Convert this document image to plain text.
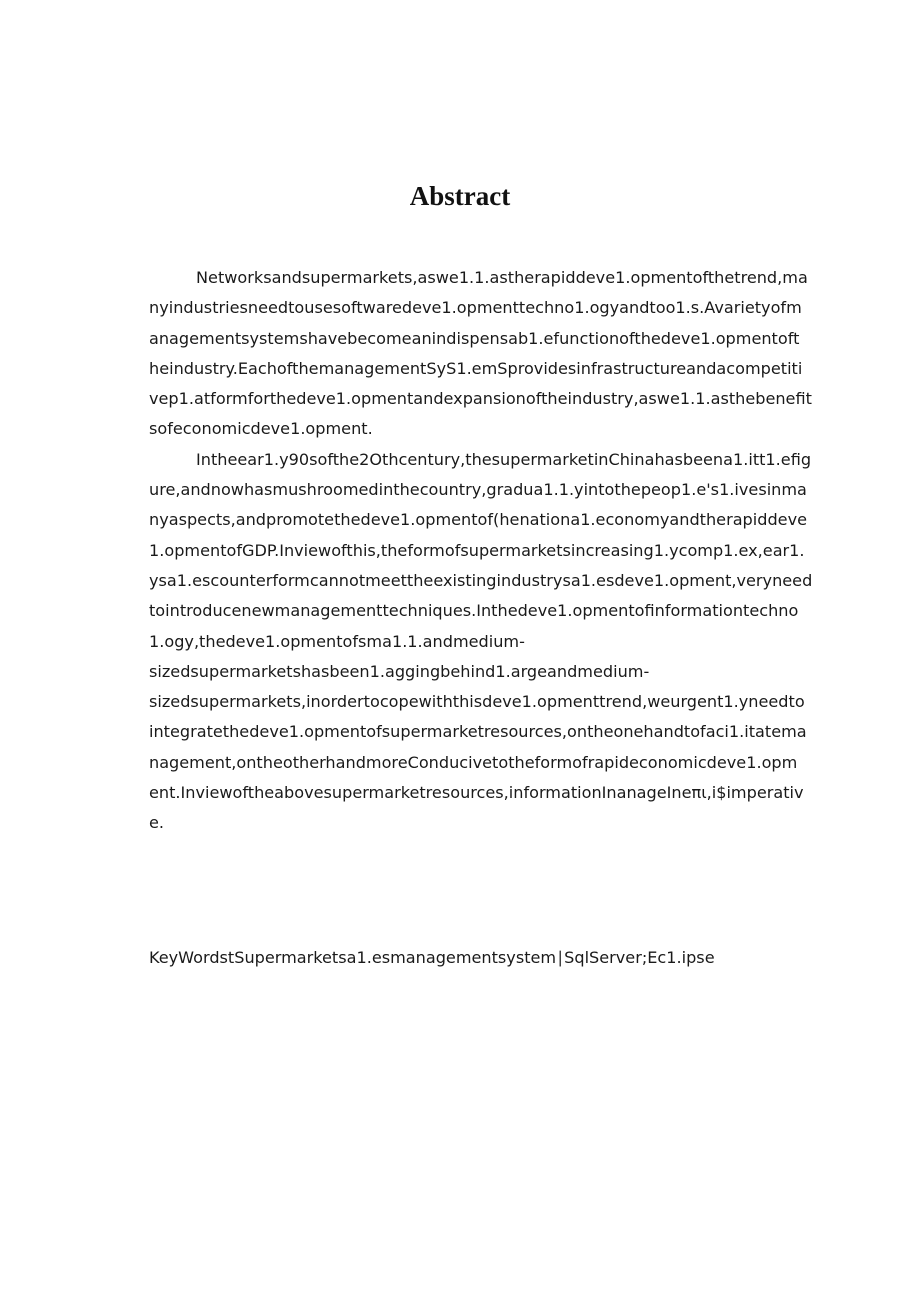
Abstract
Networksandsupermarkets,aswe1.1.astherapiddeve1.opmentofthetrend,ma
nyindustriesneedtousesoftwaredeve1.opmenttechno1.ogyandtoo1.s.Avarietyofm
anagementsystemshavebecomeanindispensab1.efunctionofthedeve1.opmentoft
heindustry.EachofthemanagementSyS1.emSprovidesinfrastructureandacompetiti
vep1.atformforthedeve1.opmentandexpansionoftheindustry,aswe1.1.asthebenefit
sofeconomicdeve1.opment.
Intheear1.y90softhe2Othcentury,thesupermarketinChinahasbeena1.itt1.efig
ure,andnowhasmushroomedinthecountry,gradua1.1.yintothepeop1.e's1.ivesinma
nyaspects,andpromotethedeve1.opmentof(henationa1.economyandtherapiddeve
1.opmentofGDP.Inviewofthis,theformofsupermarketsincreasing1.ycomp1.ex,ear1.
ysa1.escounterformcannotmeettheexistingindustrysa1.esdeve1.opment,veryneed
tointroducenewmanagementtechniques.Inthedeve1.opmentofinformationtechno
1.ogy,thedeve1.opmentofsma1.1.andmedium-
sizedsupermarketshasbeen1.aggingbehind1.argeandmedium-
sizedsupermarkets,inordertocopewiththisdeve1.opmenttrend,weurgent1.yneedto
integratethedeve1.opmentofsupermarketresources,ontheonehandtofaci1.itatema
nagement,ontheotherhandmoreConducivetotheformofrapideconomicdeve1.opm
ent.Inviewoftheabovesupermarketresources,informationInanageIneπι,i$imperativ
e.
KeyWordstSupermarketsa1.esmanagementsystem∣SqlServer;Ec1.ipse
